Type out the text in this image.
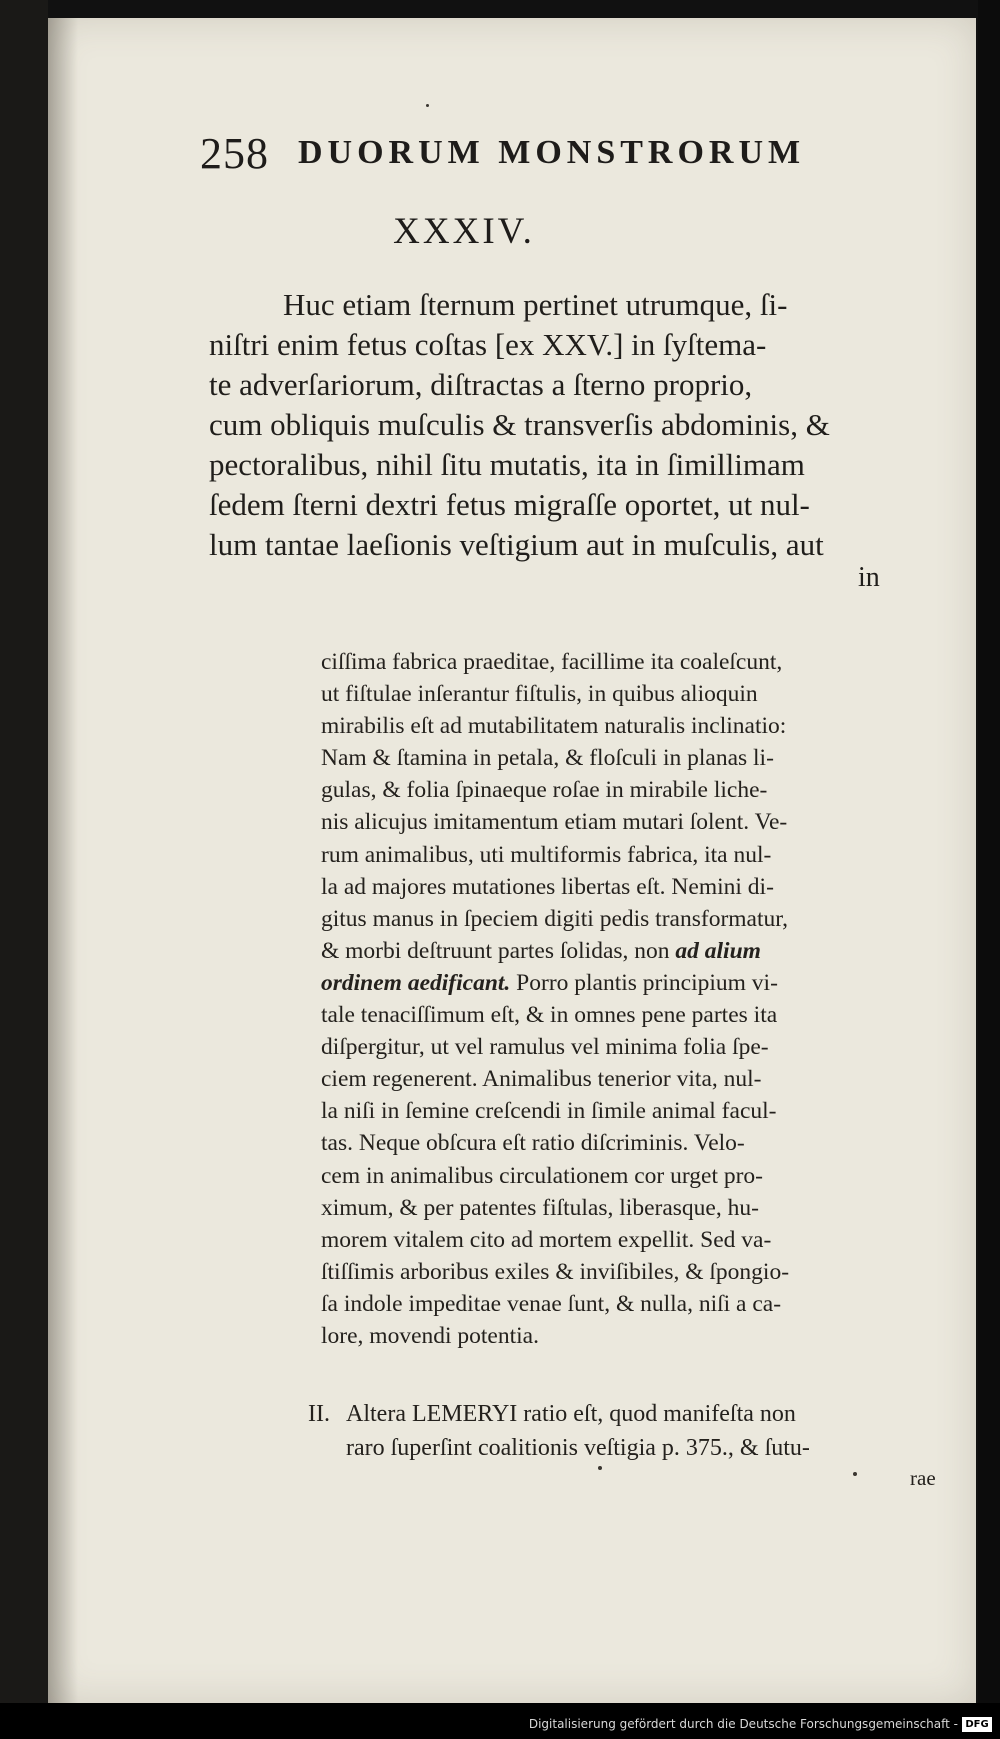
258 DUORUM MONSTRORUM
XXXIV.
Huc etiam ſternum pertinet utrumque, ſi-
niſtri enim fetus coſtas [ex XXV.] in ſyſtema-
te adverſariorum, diſtractas a ſterno proprio,
cum obliquis muſculis & transverſis abdominis, &
pectoralibus, nihil ſitu mutatis, ita in ſimillimam
ſedem ſterni dextri fetus migraſſe oportet, ut nul-
lum tantae laeſionis veſtigium aut in muſculis, aut
in
ciſſima fabrica praeditae, facillime ita coaleſcunt,
ut fiſtulae inſerantur fiſtulis, in quibus alioquin
mirabilis eſt ad mutabilitatem naturalis inclinatio:
Nam & ſtamina in petala, & floſculi in planas li-
gulas, & folia ſpinaeque roſae in mirabile liche-
nis alicujus imitamentum etiam mutari ſolent. Ve-
rum animalibus, uti multiformis fabrica, ita nul-
la ad majores mutationes libertas eſt. Nemini di-
gitus manus in ſpeciem digiti pedis transformatur,
& morbi deſtruunt partes ſolidas, non ad alium
ordinem aedificant. Porro plantis principium vi-
tale tenaciſſimum eſt, & in omnes pene partes ita
diſpergitur, ut vel ramulus vel minima folia ſpe-
ciem regenerent. Animalibus tenerior vita, nul-
la niſi in ſemine creſcendi in ſimile animal facul-
tas. Neque obſcura eſt ratio diſcriminis. Velo-
cem in animalibus circulationem cor urget pro-
ximum, & per patentes fiſtulas, liberasque, hu-
morem vitalem cito ad mortem expellit. Sed va-
ſtiſſimis arboribus exiles & inviſibiles, & ſpongio-
ſa indole impeditae venae ſunt, & nulla, niſi a ca-
lore, movendi potentia.
II. Altera LEMERYI ratio eſt, quod manifeſta non
raro ſuperſint coalitionis veſtigia p. 375., & ſutu-
rae
Digitalisierung gefördert durch die Deutsche Forschungsgemeinschaft - DFG
